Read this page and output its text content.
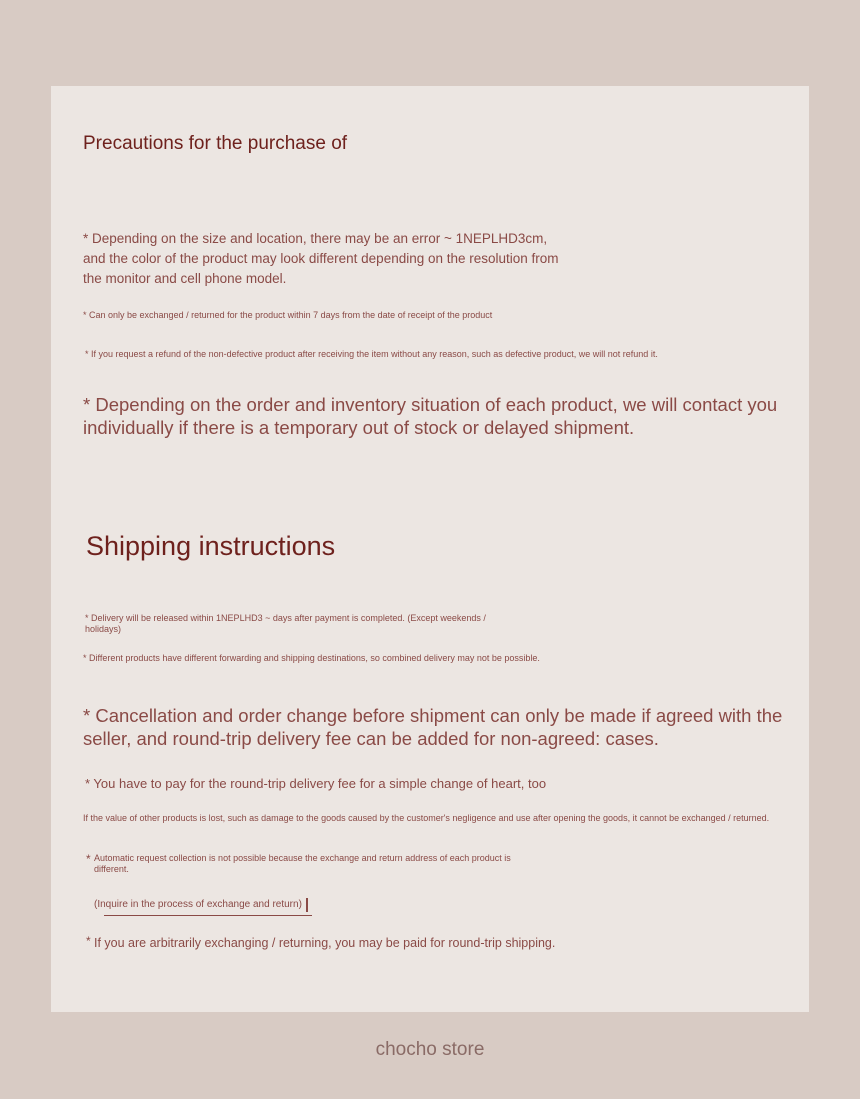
Precautions for the purchase of

* Depending on the size and location, there may be an error ~ 1NEPLHD3cm, and the color of the product may look different depending on the resolution from the monitor and cell phone model.

* Can only be exchanged / returned for the product within 7 days from the date of receipt of the product

* If you request a refund of the non-defective product after receiving the item without any reason, such as defective product, we will not refund it.

* Depending on the order and inventory situation of each product, we will contact you individually if there is a temporary out of stock or delayed shipment.

Shipping instructions

* Delivery will be released within 1NEPLHD3 ~ days after payment is completed. (Except weekends / holidays)

* Different products have different forwarding and shipping destinations, so combined delivery may not be possible.

* Cancellation and order change before shipment can only be made if agreed with the seller, and round-trip delivery fee can be added for non-agreed: cases.

* You have to pay for the round-trip delivery fee for a simple change of heart, too

If the value of other products is lost, such as damage to the goods caused by the customer's negligence and use after opening the goods, it cannot be exchanged / returned.

* Automatic request collection is not possible because the exchange and return address of each product is different.

(Inquire in the process of exchange and return)

* If you are arbitrarily exchanging / returning, you may be paid for round-trip shipping.

chocho store
